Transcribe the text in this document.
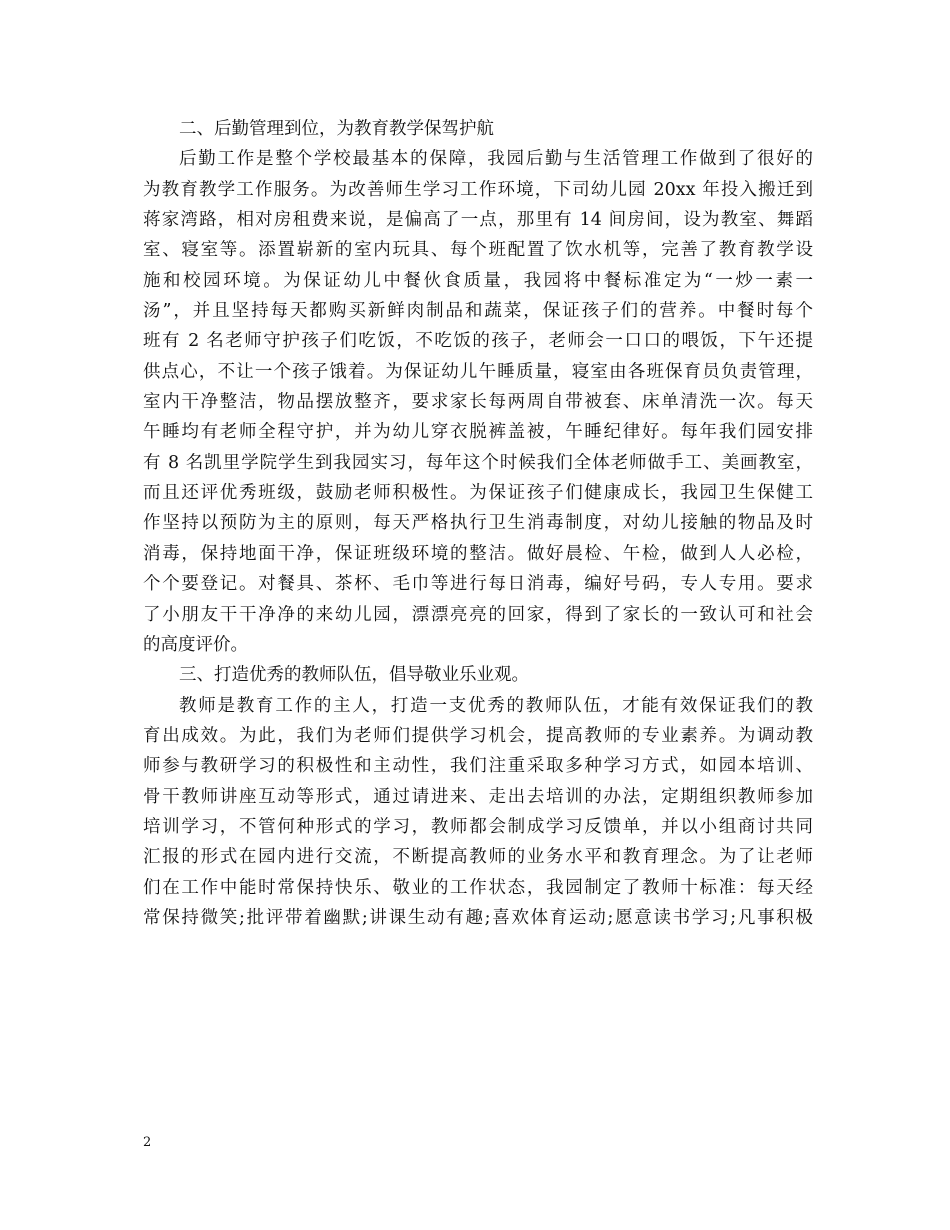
二、后勤管理到位，为教育教学保驾护航
后勤工作是整个学校最基本的保障，我园后勤与生活管理工作做到了很好的
为教育教学工作服务。为改善师生学习工作环境，下司幼儿园 20xx 年投入搬迁到
蒋家湾路，相对房租费来说，是偏高了一点，那里有 14 间房间，设为教室、舞蹈
室、寝室等。添置崭新的室内玩具、每个班配置了饮水机等，完善了教育教学设
施和校园环境。为保证幼儿中餐伙食质量，我园将中餐标准定为“一炒一素一
汤”，并且坚持每天都购买新鲜肉制品和蔬菜，保证孩子们的营养。中餐时每个
班有 2 名老师守护孩子们吃饭，不吃饭的孩子，老师会一口口的喂饭，下午还提
供点心，不让一个孩子饿着。为保证幼儿午睡质量，寝室由各班保育员负责管理，
室内干净整洁，物品摆放整齐，要求家长每两周自带被套、床单清洗一次。每天
午睡均有老师全程守护，并为幼儿穿衣脱裤盖被，午睡纪律好。每年我们园安排
有 8 名凯里学院学生到我园实习，每年这个时候我们全体老师做手工、美画教室，
而且还评优秀班级，鼓励老师积极性。为保证孩子们健康成长，我园卫生保健工
作坚持以预防为主的原则，每天严格执行卫生消毒制度，对幼儿接触的物品及时
消毒，保持地面干净，保证班级环境的整洁。做好晨检、午检，做到人人必检，
个个要登记。对餐具、茶杯、毛巾等进行每日消毒，编好号码，专人专用。要求
了小朋友干干净净的来幼儿园，漂漂亮亮的回家，得到了家长的一致认可和社会
的高度评价。
三、打造优秀的教师队伍，倡导敬业乐业观。
教师是教育工作的主人，打造一支优秀的教师队伍，才能有效保证我们的教
育出成效。为此，我们为老师们提供学习机会，提高教师的专业素养。为调动教
师参与教研学习的积极性和主动性，我们注重采取多种学习方式，如园本培训、
骨干教师讲座互动等形式，通过请进来、走出去培训的办法，定期组织教师参加
培训学习，不管何种形式的学习，教师都会制成学习反馈单，并以小组商讨共同
汇报的形式在园内进行交流，不断提高教师的业务水平和教育理念。为了让老师
们在工作中能时常保持快乐、敬业的工作状态，我园制定了教师十标准：每天经
常保持微笑;批评带着幽默;讲课生动有趣;喜欢体育运动;愿意读书学习;凡事积极
2
